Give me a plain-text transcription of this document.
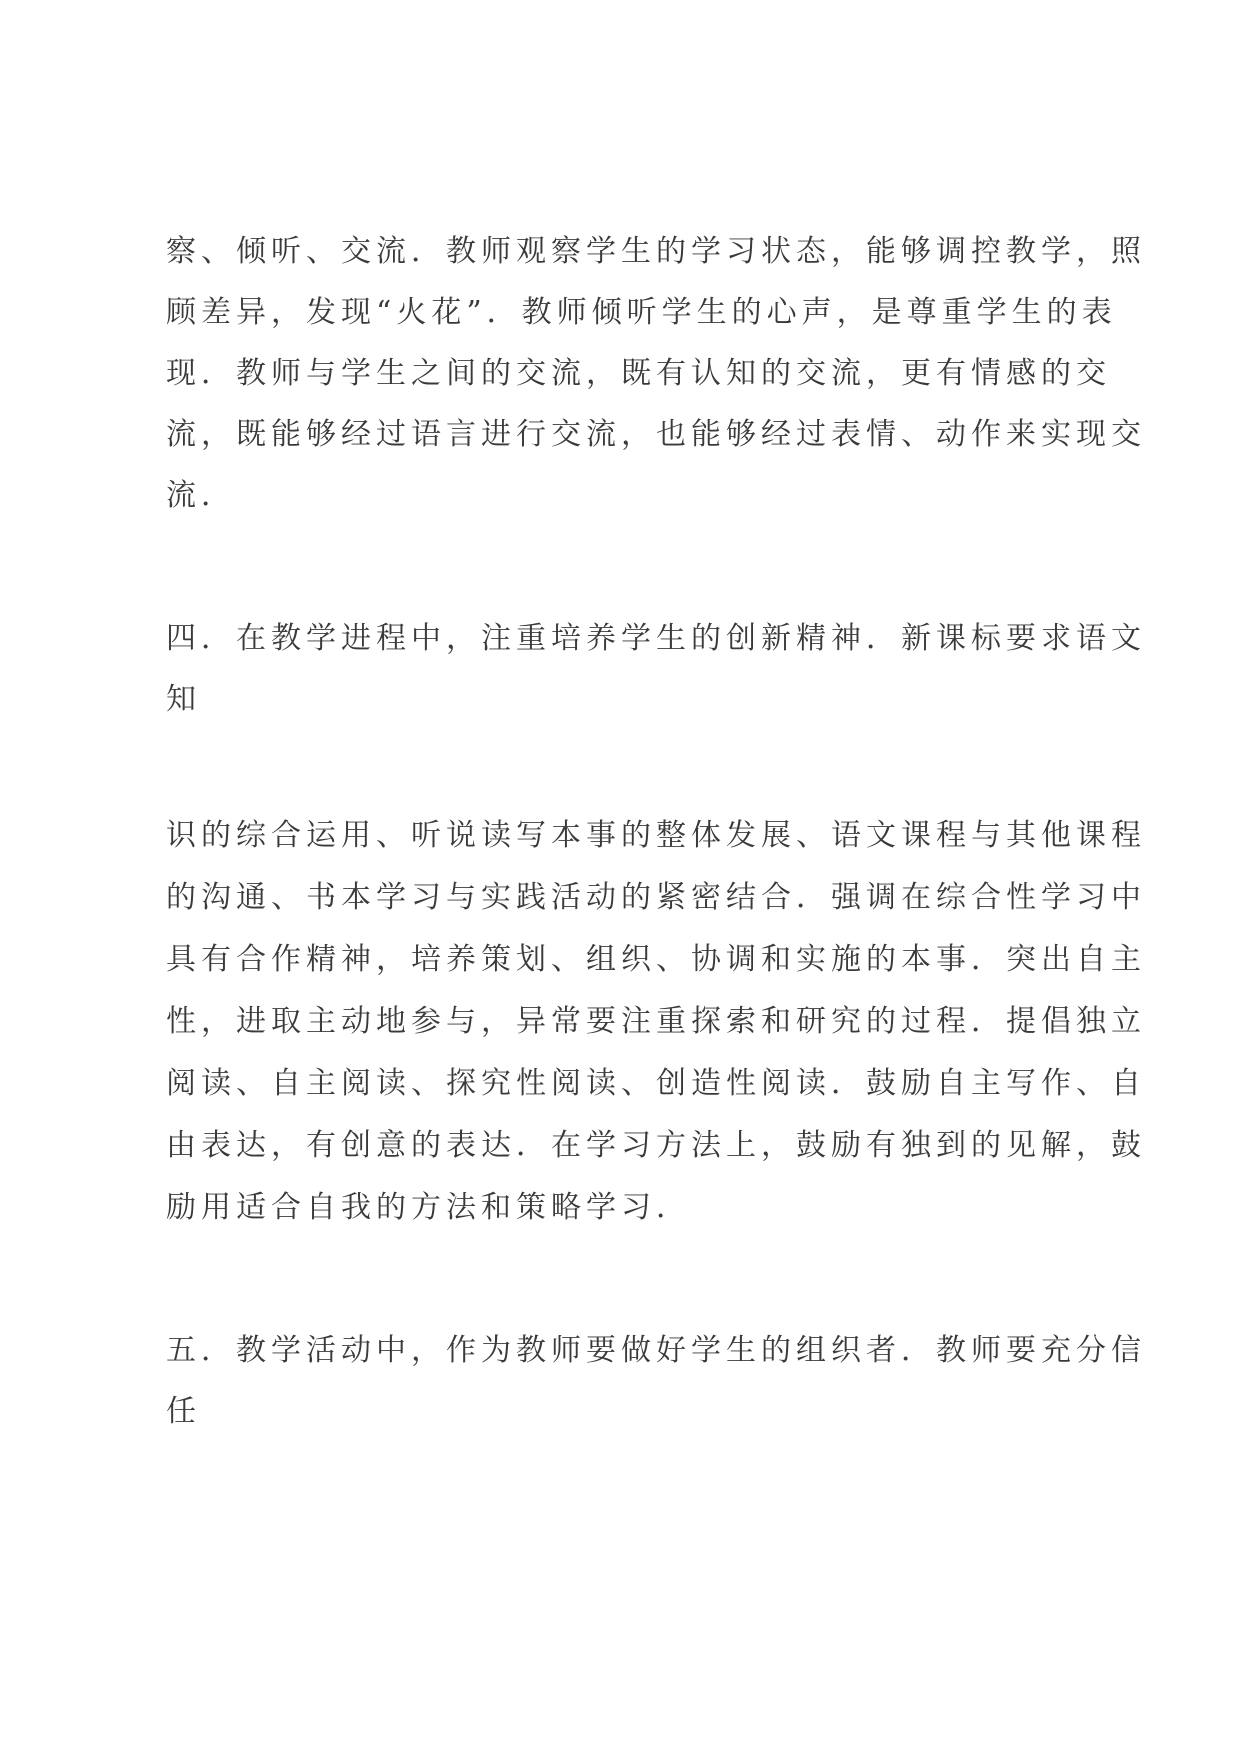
察、倾听、交流．教师观察学生的学习状态，能够调控教学，照

顾差异，发现“火花”．教师倾听学生的心声，是尊重学生的表

现．教师与学生之间的交流，既有认知的交流，更有情感的交

流，既能够经过语言进行交流，也能够经过表情、动作来实现交

流．

四．在教学进程中，注重培养学生的创新精神．新课标要求语文

知

识的综合运用、听说读写本事的整体发展、语文课程与其他课程

的沟通、书本学习与实践活动的紧密结合．强调在综合性学习中

具有合作精神，培养策划、组织、协调和实施的本事．突出自主

性，进取主动地参与，异常要注重探索和研究的过程．提倡独立

阅读、自主阅读、探究性阅读、创造性阅读．鼓励自主写作、自

由表达，有创意的表达．在学习方法上，鼓励有独到的见解，鼓

励用适合自我的方法和策略学习．

五．教学活动中，作为教师要做好学生的组织者．教师要充分信

任
